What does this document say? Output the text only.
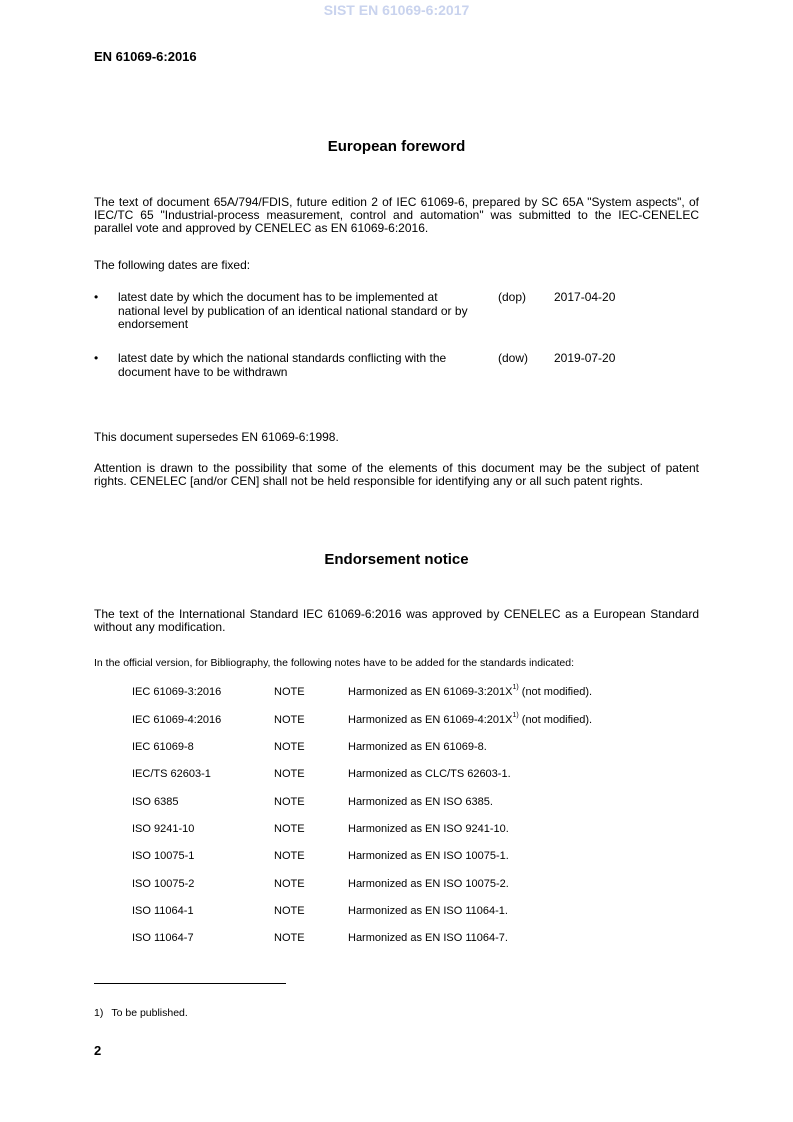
SIST EN 61069-6:2017
EN 61069-6:2016
European foreword
The text of document 65A/794/FDIS, future edition 2 of IEC 61069-6, prepared by SC 65A "System aspects", of IEC/TC 65 "Industrial-process measurement, control and automation" was submitted to the IEC-CENELEC parallel vote and approved by CENELEC as EN 61069-6:2016.
The following dates are fixed:
• latest date by which the document has to be implemented at national level by publication of an identical national standard or by endorsement
(dop) 2017-04-20
• latest date by which the national standards conflicting with the document have to be withdrawn
(dow) 2019-07-20
This document supersedes EN 61069-6:1998.
Attention is drawn to the possibility that some of the elements of this document may be the subject of patent rights. CENELEC [and/or CEN] shall not be held responsible for identifying any or all such patent rights.
Endorsement notice
The text of the International Standard IEC 61069-6:2016 was approved by CENELEC as a European Standard without any modification.
In the official version, for Bibliography, the following notes have to be added for the standards indicated:
IEC 61069-3:2016	NOTE	Harmonized as EN $61069-3:201X^{1)}$ (not modified).
IEC 61069-4:2016	NOTE	Harmonized as EN $61069-4:201X^{1)}$ (not modified).
IEC 61069-8	NOTE	Harmonized as EN 61069-8.
IEC/TS 62603-1	NOTE	Harmonized as CLC/TS 62603-1.
ISO 6385	NOTE	Harmonized as EN ISO 6385.
ISO 9241-10	NOTE	Harmonized as EN ISO 9241-10.
ISO 10075-1	NOTE	Harmonized as EN ISO 10075-1.
ISO 10075-2	NOTE	Harmonized as EN ISO 10075-2.
ISO 11064-1	NOTE	Harmonized as EN ISO 11064-1.
ISO 11064-7	NOTE	Harmonized as EN ISO 11064-7.
1) To be published.
2
